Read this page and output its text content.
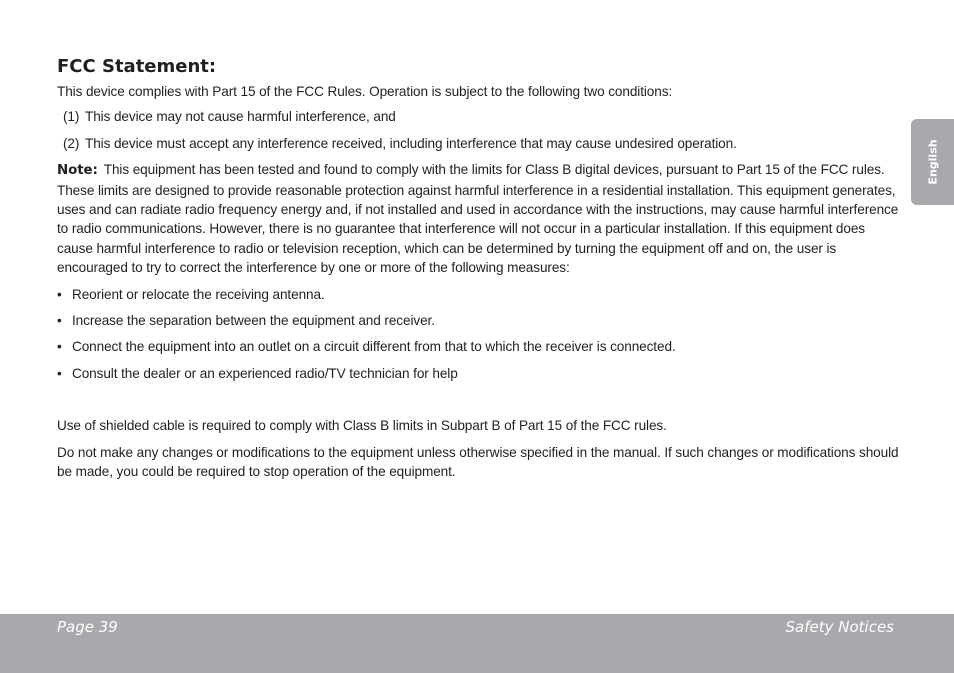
FCC Statement:

This device complies with Part 15 of the FCC Rules. Operation is subject to the following two conditions:

(1) This device may not cause harmful interference, and

(2) This device must accept any interference received, including interference that may cause undesired operation.

Note: This equipment has been tested and found to comply with the limits for Class B digital devices, pursuant to Part 15 of the FCC rules. These limits are designed to provide reasonable protection against harmful interference in a residential installation. This equipment generates, uses and can radiate radio frequency energy and, if not installed and used in accordance with the instructions, may cause harmful interference to radio communications. However, there is no guarantee that interference will not occur in a particular installation. If this equipment does cause harmful interference to radio or television reception, which can be determined by turning the equipment off and on, the user is encouraged to try to correct the interference by one or more of the following measures:

• Reorient or relocate the receiving antenna.
• Increase the separation between the equipment and receiver.
• Connect the equipment into an outlet on a circuit different from that to which the receiver is connected.
• Consult the dealer or an experienced radio/TV technician for help

Use of shielded cable is required to comply with Class B limits in Subpart B of Part 15 of the FCC rules.

Do not make any changes or modifications to the equipment unless otherwise specified in the manual. If such changes or modifications should be made, you could be required to stop operation of the equipment.

English
Page 39	Safety Notices
